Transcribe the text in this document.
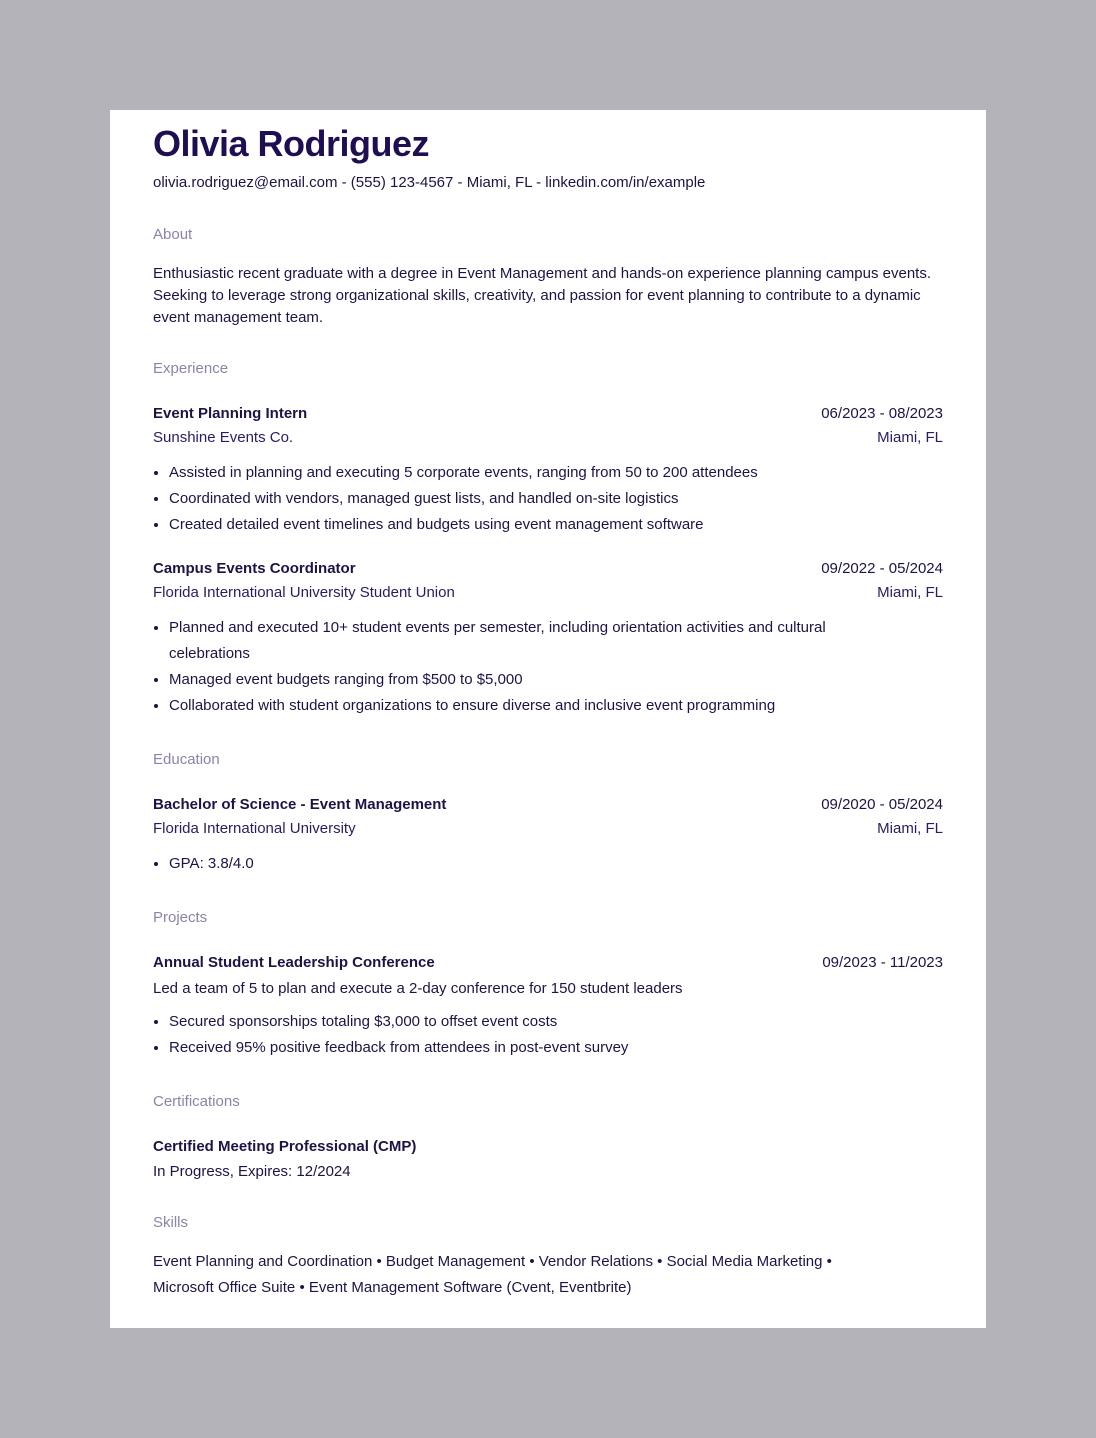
Olivia Rodriguez
olivia.rodriguez@email.com - (555) 123-4567 - Miami, FL - linkedin.com/in/example
About
Enthusiastic recent graduate with a degree in Event Management and hands-on experience planning campus events. Seeking to leverage strong organizational skills, creativity, and passion for event planning to contribute to a dynamic event management team.
Experience
Event Planning Intern	06/2023 - 08/2023
Sunshine Events Co.	Miami, FL
• Assisted in planning and executing 5 corporate events, ranging from 50 to 200 attendees
• Coordinated with vendors, managed guest lists, and handled on-site logistics
• Created detailed event timelines and budgets using event management software
Campus Events Coordinator	09/2022 - 05/2024
Florida International University Student Union	Miami, FL
• Planned and executed 10+ student events per semester, including orientation activities and cultural celebrations
• Managed event budgets ranging from $500 to $5,000
• Collaborated with student organizations to ensure diverse and inclusive event programming
Education
Bachelor of Science - Event Management	09/2020 - 05/2024
Florida International University	Miami, FL
• GPA: 3.8/4.0
Projects
Annual Student Leadership Conference	09/2023 - 11/2023
Led a team of 5 to plan and execute a 2-day conference for 150 student leaders
• Secured sponsorships totaling $3,000 to offset event costs
• Received 95% positive feedback from attendees in post-event survey
Certifications
Certified Meeting Professional (CMP)
In Progress, Expires: 12/2024
Skills
Event Planning and Coordination • Budget Management • Vendor Relations • Social Media Marketing •
Microsoft Office Suite • Event Management Software (Cvent, Eventbrite)
